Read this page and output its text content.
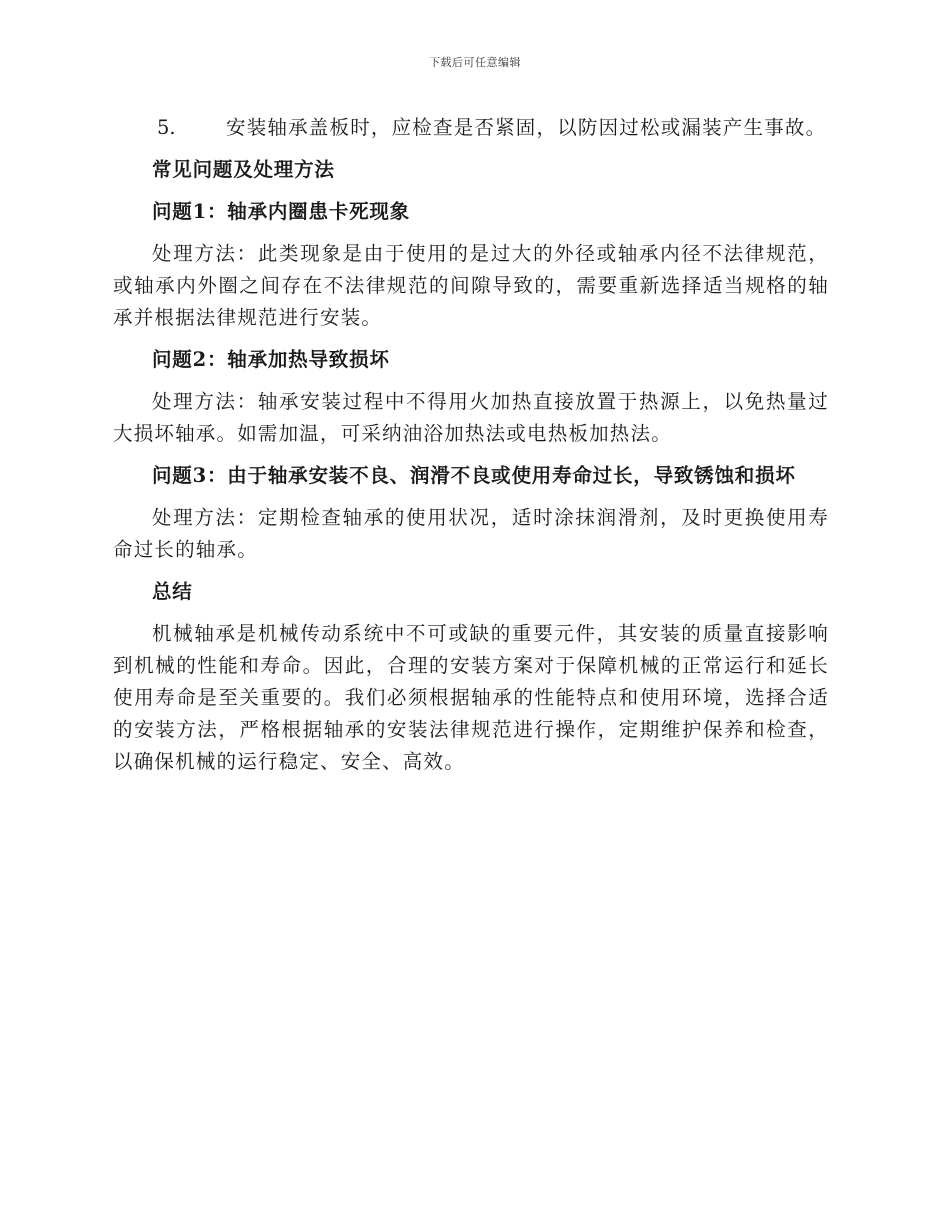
下载后可任意编辑
5.	安装轴承盖板时，应检查是否紧固，以防因过松或漏装产生事故。
常见问题及处理方法
问题1：轴承内圈患卡死现象
处理方法：此类现象是由于使用的是过大的外径或轴承内径不法律规范，或轴承内外圈之间存在不法律规范的间隙导致的，需要重新选择适当规格的轴承并根据法律规范进行安装。
问题2：轴承加热导致损坏
处理方法：轴承安装过程中不得用火加热直接放置于热源上，以免热量过大损坏轴承。如需加温，可采纳油浴加热法或电热板加热法。
问题3：由于轴承安装不良、润滑不良或使用寿命过长，导致锈蚀和损坏
处理方法：定期检查轴承的使用状况，适时涂抹润滑剂，及时更换使用寿命过长的轴承。
总结
机械轴承是机械传动系统中不可或缺的重要元件，其安装的质量直接影响到机械的性能和寿命。因此，合理的安装方案对于保障机械的正常运行和延长使用寿命是至关重要的。我们必须根据轴承的性能特点和使用环境，选择合适的安装方法，严格根据轴承的安装法律规范进行操作，定期维护保养和检查，以确保机械的运行稳定、安全、高效。
